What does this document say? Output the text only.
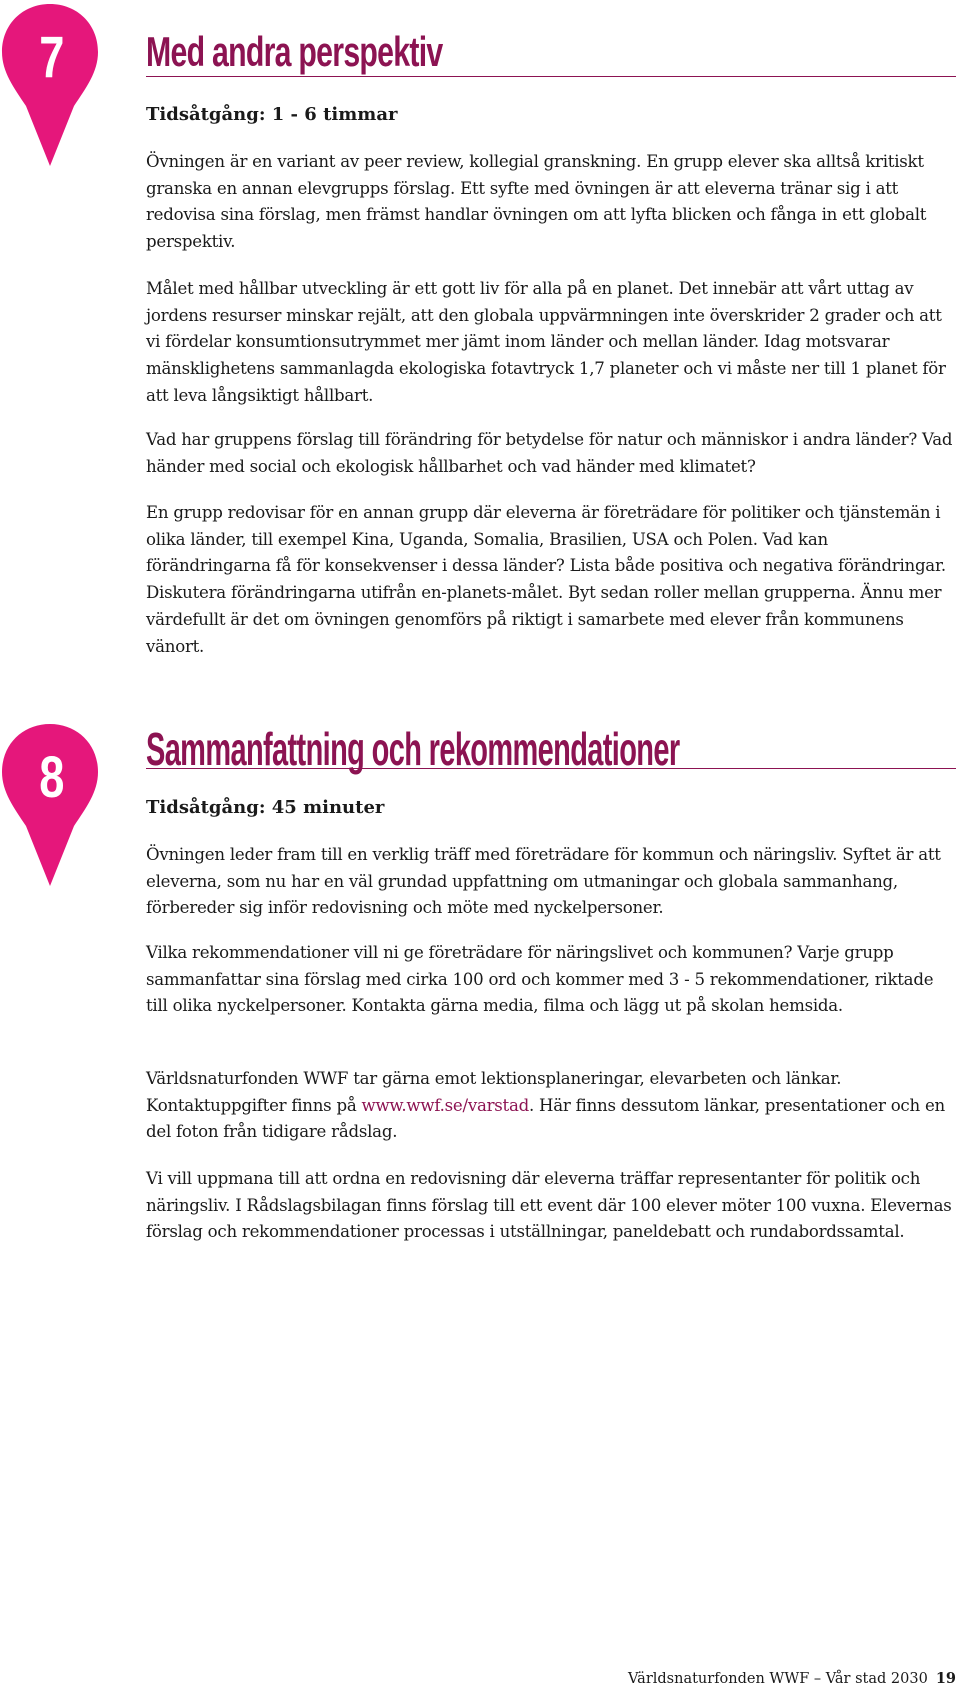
7	Med andra perspektiv

Tidsåtgång: 1 - 6 timmar

Övningen är en variant av peer review, kollegial granskning. En grupp elever ska alltså kritiskt granska en annan elevgrupps förslag. Ett syfte med övningen är att eleverna tränar sig i att redovisa sina förslag, men främst handlar övningen om att lyfta blicken och fånga in ett globalt perspektiv.

Målet med hållbar utveckling är ett gott liv för alla på en planet. Det innebär att vårt uttag av jordens resurser minskar rejält, att den globala uppvärmningen inte överskrider 2 grader och att vi fördelar konsumtionsutrymmet mer jämt inom länder och mellan länder. Idag motsvarar mänsklighetens sammanlagda ekologiska fotavtryck 1,7 planeter och vi måste ner till 1 planet för att leva långsiktigt hållbart.

Vad har gruppens förslag till förändring för betydelse för natur och människor i andra länder? Vad händer med social och ekologisk hållbarhet och vad händer med klimatet?

En grupp redovisar för en annan grupp där eleverna är företrädare för politiker och tjänstemän i olika länder, till exempel Kina, Uganda, Somalia, Brasilien, USA och Polen. Vad kan förändringarna få för konsekvenser i dessa länder? Lista både positiva och negativa förändringar. Diskutera förändringarna utifrån en-planets-målet. Byt sedan roller mellan grupperna. Ännu mer värdefullt är det om övningen genomförs på riktigt i samarbete med elever från kommunens vänort.

8	Sammanfattning och rekommendationer

Tidsåtgång: 45 minuter

Övningen leder fram till en verklig träff med företrädare för kommun och näringsliv. Syftet är att eleverna, som nu har en väl grundad uppfattning om utmaningar och globala sammanhang, förbereder sig inför redovisning och möte med nyckelpersoner.

Vilka rekommendationer vill ni ge företrädare för näringslivet och kommunen? Varje grupp sammanfattar sina förslag med cirka 100 ord och kommer med 3 - 5 rekommendationer, riktade till olika nyckelpersoner. Kontakta gärna media, filma och lägg ut på skolan hemsida.

Världsnaturfonden WWF tar gärna emot lektionsplaneringar, elevarbeten och länkar. Kontaktuppgifter finns på www.wwf.se/varstad. Här finns dessutom länkar, presentationer och en del foton från tidigare rådslag.

Vi vill uppmana till att ordna en redovisning där eleverna träffar representanter för politik och näringsliv. I Rådslagsbilagan finns förslag till ett event där 100 elever möter 100 vuxna. Elevernas förslag och rekommendationer processas i utställningar, paneldebatt och rundabordssamtal.

Världsnaturfonden WWF – Vår stad 2030 19
